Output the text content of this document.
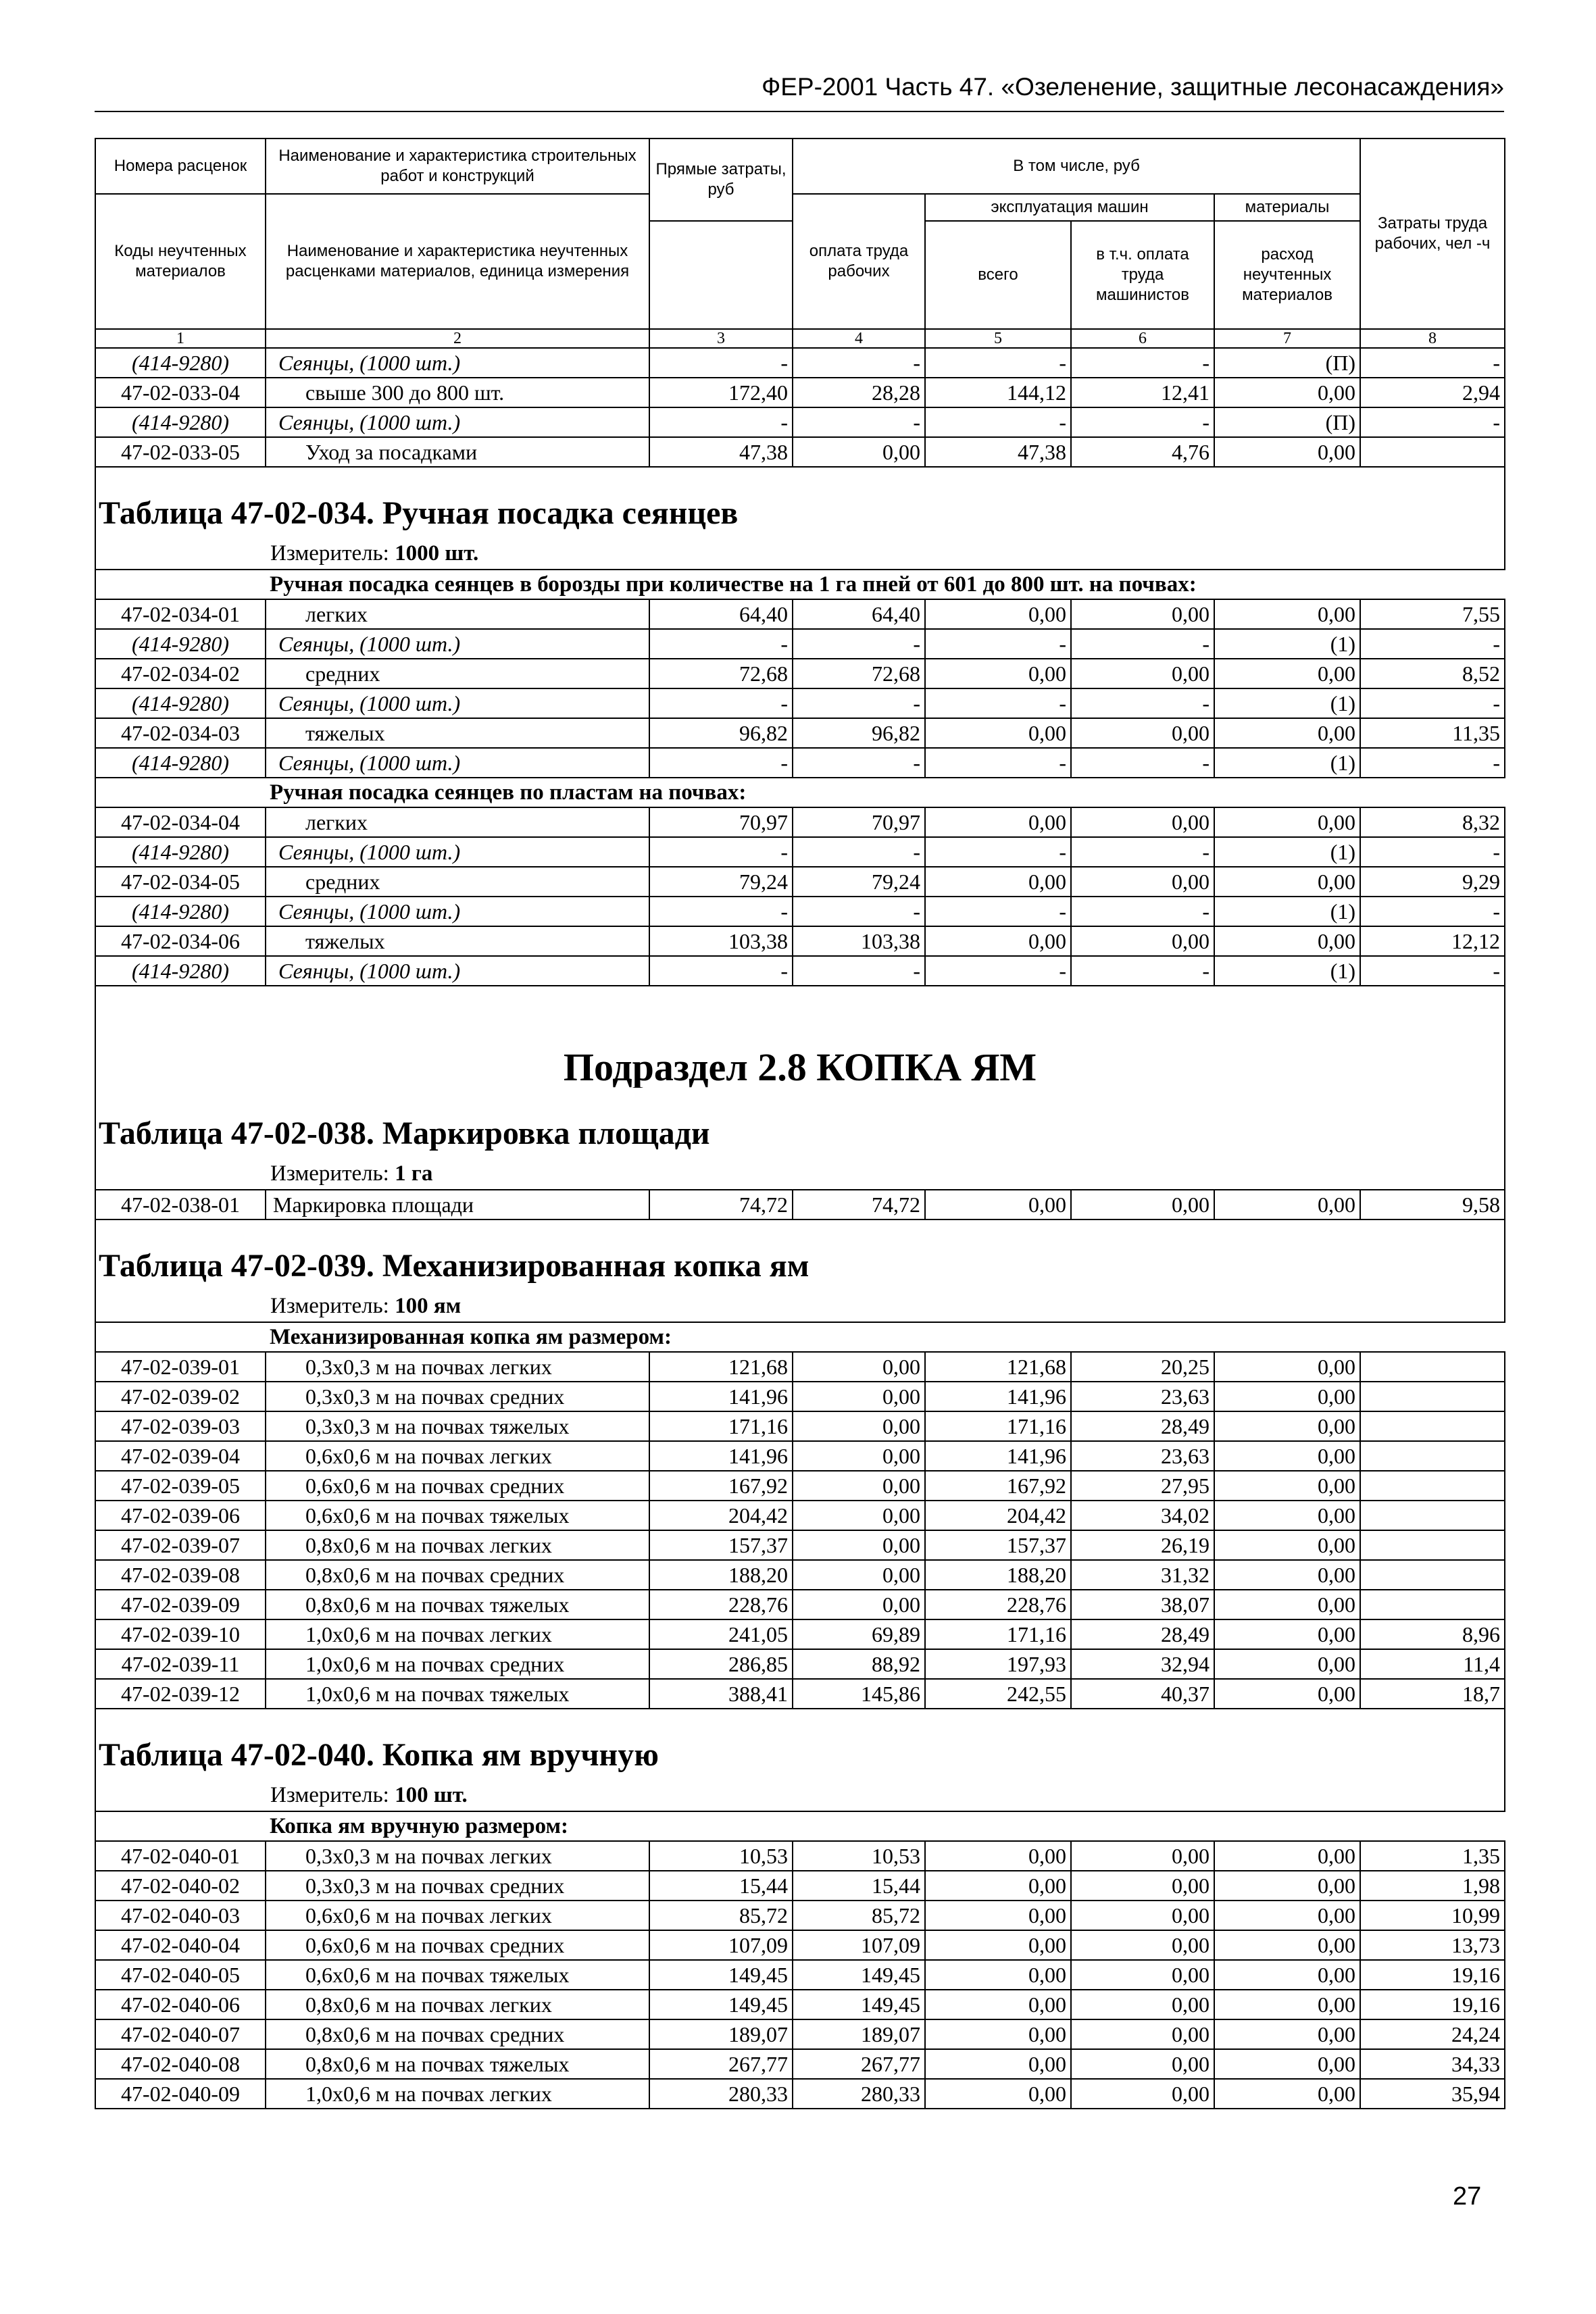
ФЕР-2001 Часть 47. «Озеленение, защитные лесонасаждения»
Номера расценок	Наименование и характеристика строительных работ и конструкций	Прямые затраты, руб	В том числе, руб				Затраты труда рабочих, чел -ч
Коды неучтенных материалов	Наименование и характеристика неучтенных расценками материалов, единица измерения		оплата труда рабочих	эксплуатация машин		материалы	
				всего	в т.ч. оплата труда машинистов	расход неучтенных материалов	

1	2	3	4	5	6	7	8
(414-9280)	Сеянцы, (1000 шт.)	-	-	-	-	(П)	-
47-02-033-04	свыше 300 до 800 шт.	172,40	28,28	144,12	12,41	0,00	2,94
(414-9280)	Сеянцы, (1000 шт.)	-	-	-	-	(П)	-
47-02-033-05	Уход за посадками	47,38	0,00	47,38	4,76	0,00	
Таблица 47-02-034. Ручная посадка сеянцев							
Измеритель: 1000 шт.							
	Ручная посадка сеянцев в борозды при количестве на 1 га пней от 601 до 800 шт. на почвах:						
47-02-034-01	легких	64,40	64,40	0,00	0,00	0,00	7,55
(414-9280)	Сеянцы, (1000 шт.)	-	-	-	-	(1)	-
47-02-034-02	средних	72,68	72,68	0,00	0,00	0,00	8,52
(414-9280)	Сеянцы, (1000 шт.)	-	-	-	-	(1)	-
47-02-034-03	тяжелых	96,82	96,82	0,00	0,00	0,00	11,35
(414-9280)	Сеянцы, (1000 шт.)	-	-	-	-	(1)	-
	Ручная посадка сеянцев по пластам на почвах:						
47-02-034-04	легких	70,97	70,97	0,00	0,00	0,00	8,32
(414-9280)	Сеянцы, (1000 шт.)	-	-	-	-	(1)	-
47-02-034-05	средних	79,24	79,24	0,00	0,00	0,00	9,29
(414-9280)	Сеянцы, (1000 шт.)	-	-	-	-	(1)	-
47-02-034-06	тяжелых	103,38	103,38	0,00	0,00	0,00	12,12
(414-9280)	Сеянцы, (1000 шт.)	-	-	-	-	(1)	-
Подраздел 2.8 КОПКА ЯМ							
Таблица 47-02-038. Маркировка площади							
Измеритель: 1 га							
47-02-038-01	Маркировка площади	74,72	74,72	0,00	0,00	0,00	9,58
Таблица 47-02-039. Механизированная копка ям							
Измеритель: 100 ям							
	Механизированная копка ям размером:						
47-02-039-01	0,3х0,3 м на почвах легких	121,68	0,00	121,68	20,25	0,00	
47-02-039-02	0,3х0,3 м на почвах средних	141,96	0,00	141,96	23,63	0,00	
47-02-039-03	0,3х0,3 м на почвах тяжелых	171,16	0,00	171,16	28,49	0,00	
47-02-039-04	0,6х0,6 м на почвах легких	141,96	0,00	141,96	23,63	0,00	
47-02-039-05	0,6х0,6 м на почвах средних	167,92	0,00	167,92	27,95	0,00	
47-02-039-06	0,6х0,6 м на почвах тяжелых	204,42	0,00	204,42	34,02	0,00	
47-02-039-07	0,8х0,6 м на почвах легких	157,37	0,00	157,37	26,19	0,00	
47-02-039-08	0,8х0,6 м на почвах средних	188,20	0,00	188,20	31,32	0,00	
47-02-039-09	0,8х0,6 м на почвах тяжелых	228,76	0,00	228,76	38,07	0,00	
47-02-039-10	1,0х0,6 м на почвах легких	241,05	69,89	171,16	28,49	0,00	8,96
47-02-039-11	1,0х0,6 м на почвах средних	286,85	88,92	197,93	32,94	0,00	11,4
47-02-039-12	1,0х0,6 м на почвах тяжелых	388,41	145,86	242,55	40,37	0,00	18,7
Таблица 47-02-040. Копка ям вручную							
Измеритель: 100 шт.							
	Копка ям вручную размером:						
47-02-040-01	0,3х0,3 м на почвах легких	10,53	10,53	0,00	0,00	0,00	1,35
47-02-040-02	0,3х0,3 м на почвах средних	15,44	15,44	0,00	0,00	0,00	1,98
47-02-040-03	0,6х0,6 м на почвах легких	85,72	85,72	0,00	0,00	0,00	10,99
47-02-040-04	0,6х0,6 м на почвах средних	107,09	107,09	0,00	0,00	0,00	13,73
47-02-040-05	0,6х0,6 м на почвах тяжелых	149,45	149,45	0,00	0,00	0,00	19,16
47-02-040-06	0,8х0,6 м на почвах легких	149,45	149,45	0,00	0,00	0,00	19,16
47-02-040-07	0,8х0,6 м на почвах средних	189,07	189,07	0,00	0,00	0,00	24,24
47-02-040-08	0,8х0,6 м на почвах тяжелых	267,77	267,77	0,00	0,00	0,00	34,33
47-02-040-09	1,0х0,6 м на почвах легких	280,33	280,33	0,00	0,00	0,00	35,94
27
